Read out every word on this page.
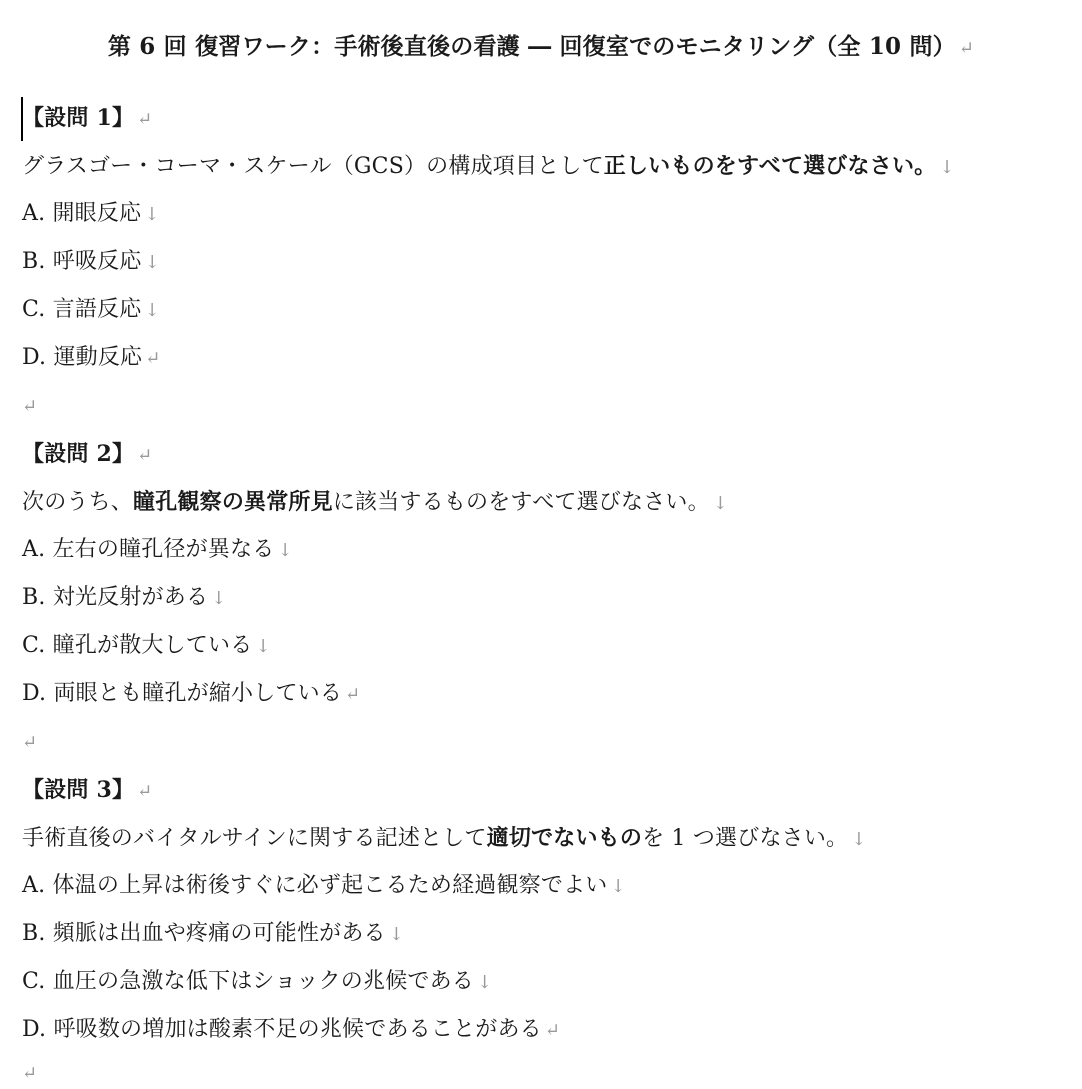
第 6 回 復習ワーク：手術後直後の看護 ― 回復室でのモニタリング（全 10 問） ↵
【設問 1】 ↵
グラスゴー・コーマ・スケール（GCS）の構成項目として正しいものをすべて選びなさい。 ↓
A. 開眼反応 ↓
B. 呼吸反応 ↓
C. 言語反応 ↓
D. 運動反応 ↵
↵
【設問 2】 ↵
次のうち、瞳孔観察の異常所見に該当するものをすべて選びなさい。 ↓
A. 左右の瞳孔径が異なる ↓
B. 対光反射がある ↓
C. 瞳孔が散大している ↓
D. 両眼とも瞳孔が縮小している ↵
↵
【設問 3】 ↵
手術直後のバイタルサインに関する記述として適切でないものを 1 つ選びなさい。 ↓
A. 体温の上昇は術後すぐに必ず起こるため経過観察でよい ↓
B. 頻脈は出血や疼痛の可能性がある ↓
C. 血圧の急激な低下はショックの兆候である ↓
D. 呼吸数の増加は酸素不足の兆候であることがある ↵
↵
